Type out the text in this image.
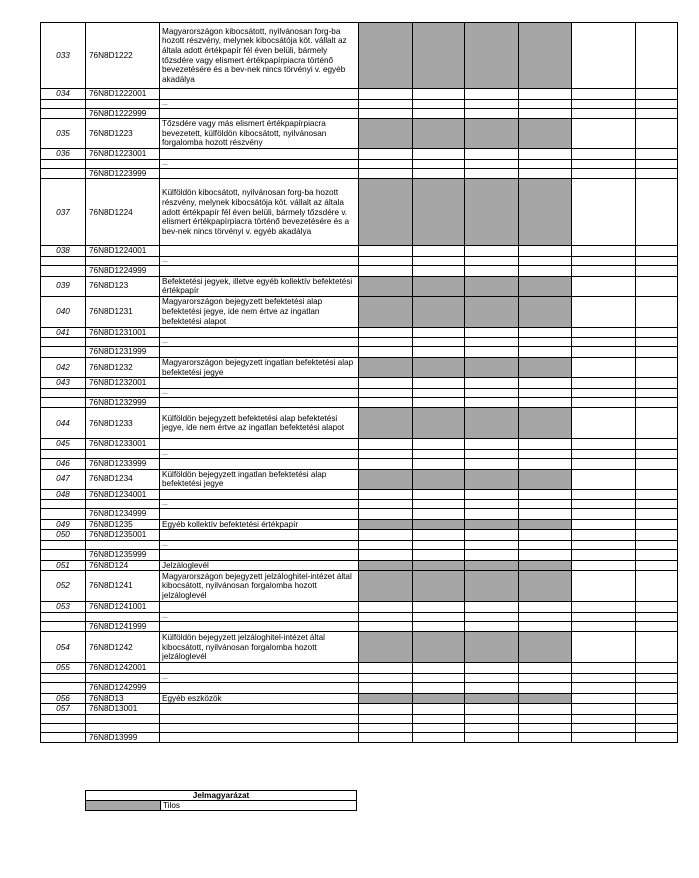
033	76N8D1222	Magyarországon kibocsátott, nyilvánosan forg-ba hozott részvény, melynek kibocsátója köt. vállalt az általa adott értékpapír fél éven belüli, bármely tőzsdére vagy elismert értékpapírpiacra történő bevezetésére és a bev-nek nincs törvényi v. egyéb akadálya						
034	76N8D1222001							
		...						
	76N8D1222999							
035	76N8D1223	Tőzsdére vagy más elismert értékpapírpiacra bevezetett, külföldön kibocsátott, nyilvánosan forgalomba hozott részvény						
036	76N8D1223001							
		...						
	76N8D1223999							
037	76N8D1224	Külföldön kibocsátott, nyilvánosan forg-ba hozott részvény, melynek kibocsátója köt. vállalt az általa adott értékpapír fél éven belüli, bármely tőzsdére v. elismert értékpapírpiacra történő bevezetésére és a bev-nek nincs törvényi v. egyéb akadálya						
038	76N8D1224001							
		...						
	76N8D1224999							
039	76N8D123	Befektetési jegyek, illetve egyéb kollektív befektetési értékpapír						
040	76N8D1231	Magyarországon bejegyzett befektetési alap befektetési jegye, ide nem értve az ingatlan befektetési alapot						
041	76N8D1231001							
		...						
	76N8D1231999							
042	76N8D1232	Magyarországon bejegyzett ingatlan befektetési alap befektetési jegye						
043	76N8D1232001							
		...						
	76N8D1232999							
044	76N8D1233	Külföldön bejegyzett befektetési alap befektetési jegye, ide nem értve az ingatlan befektetési alapot						
045	76N8D1233001							
		...						
046	76N8D1233999							
047	76N8D1234	Külföldön bejegyzett ingatlan befektetési alap befektetési jegye						
048	76N8D1234001							
		...						
	76N8D1234999							
049	76N8D1235	Egyéb kollektív befektetési értékpapír						
050	76N8D1235001							
		...						
	76N8D1235999							
051	76N8D124	Jelzáloglevél						
052	76N8D1241	Magyarországon bejegyzett jelzáloghitel-intézet által kibocsátott, nyilvánosan forgalomba hozott jelzáloglevél						
053	76N8D1241001							
		...						
	76N8D1241999							
054	76N8D1242	Külföldön bejegyzett jelzáloghitel-intézet által kibocsátott, nyilvánosan forgalomba hozott jelzáloglevél						
055	76N8D1242001							
		...						
	76N8D1242999							
056	76N8D13	Egyéb eszközök						
057	76N8D13001							

	76N8D13999							
Jelmagyarázat
	Tilos
